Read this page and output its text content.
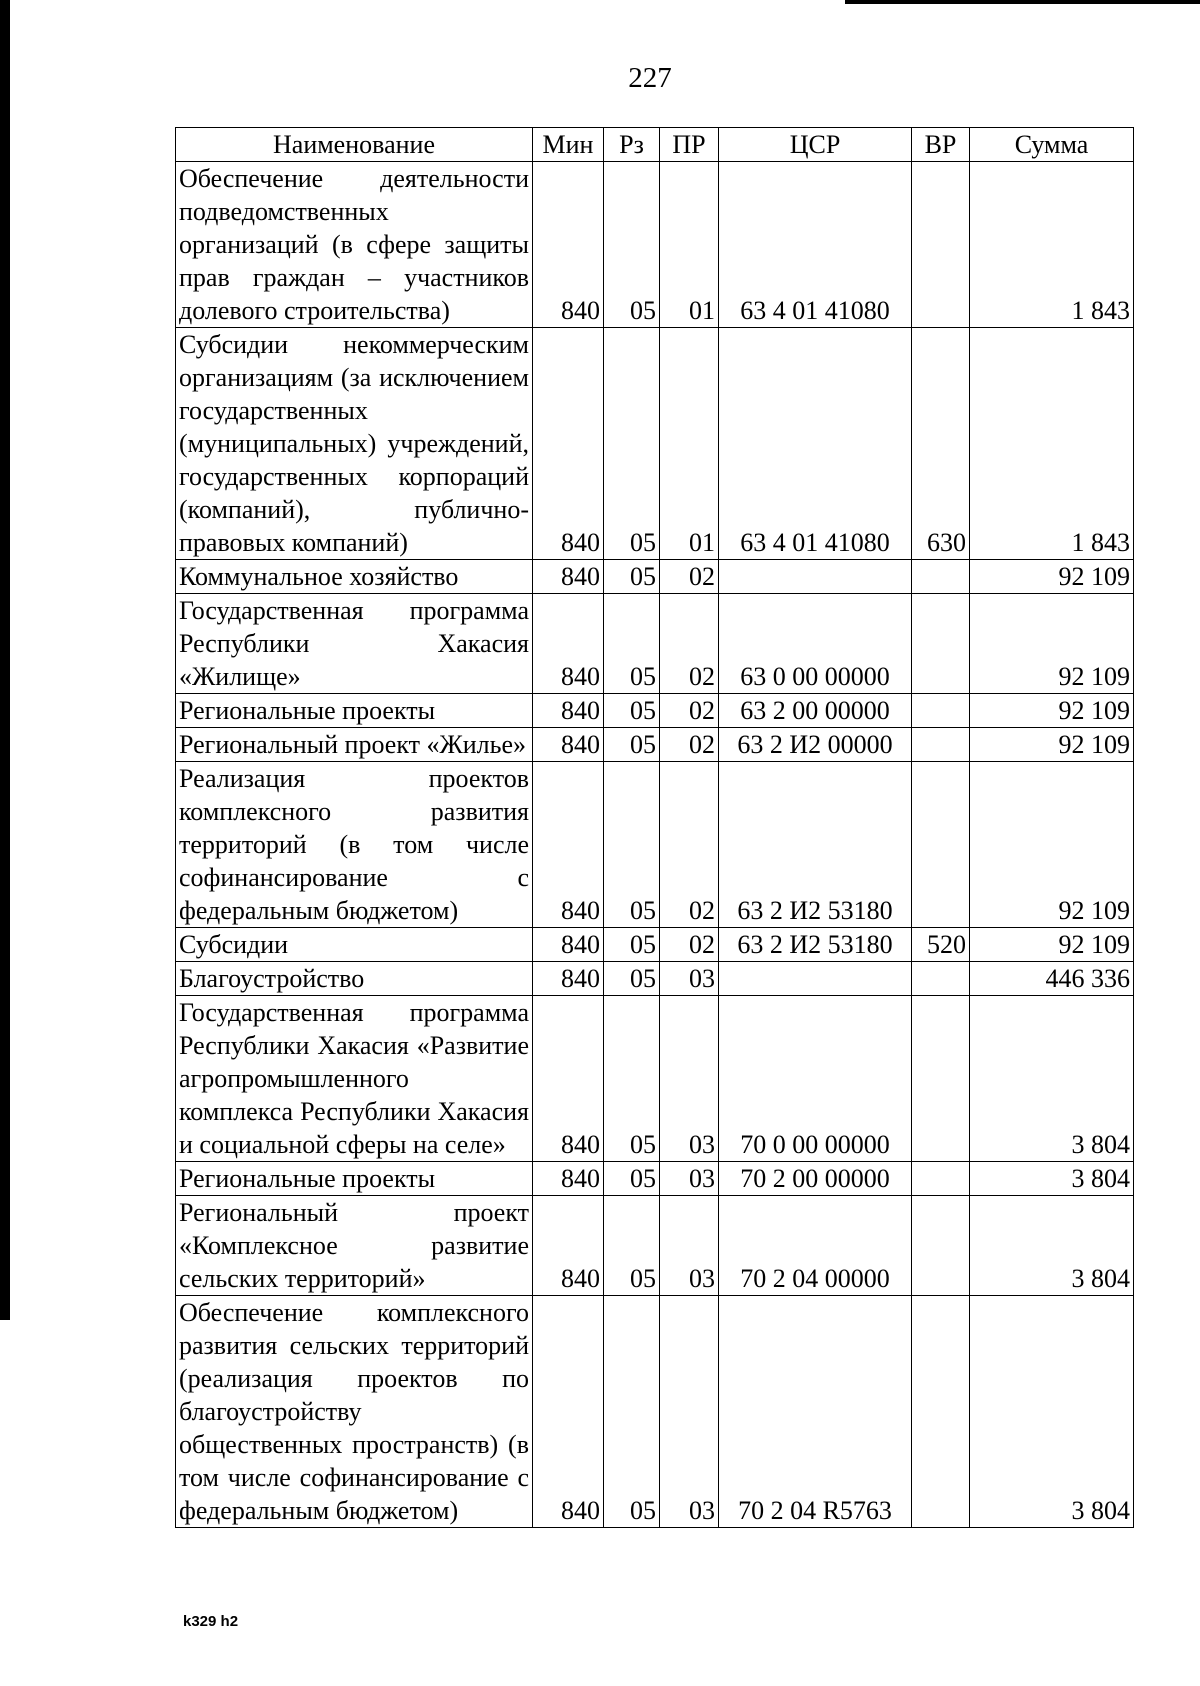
227
Наименование	Мин	Рз	ПР	ЦСР	ВР	Сумма
Обеспечение деятельности подведомственных организаций (в сфере защиты прав граждан – участников долевого строительства)	840	05	01	63 4 01 41080		1 843
Субсидии некоммерческим организациям (за исключением государственных (муниципальных) учреждений, государственных корпораций (компаний), публично-правовых компаний)	840	05	01	63 4 01 41080	630	1 843
Коммунальное хозяйство	840	05	02			92 109
Государственная программа Республики Хакасия «Жилище»	840	05	02	63 0 00 00000		92 109
Региональные проекты	840	05	02	63 2 00 00000		92 109
Региональный проект «Жилье»	840	05	02	63 2 И2 00000		92 109
Реализация проектов комплексного развития территорий (в том числе софинансирование с федеральным бюджетом)	840	05	02	63 2 И2 53180		92 109
Субсидии	840	05	02	63 2 И2 53180	520	92 109
Благоустройство	840	05	03			446 336
Государственная программа Республики Хакасия «Развитие агропромышленного комплекса Республики Хакасия и социальной сферы на селе»	840	05	03	70 0 00 00000		3 804
Региональные проекты	840	05	03	70 2 00 00000		3 804
Региональный проект «Комплексное развитие сельских территорий»	840	05	03	70 2 04 00000		3 804
Обеспечение комплексного развития сельских территорий (реализация проектов по благоустройству общественных пространств) (в том числе софинансирование с федеральным бюджетом)	840	05	03	70 2 04 R5763		3 804
k329 h2
